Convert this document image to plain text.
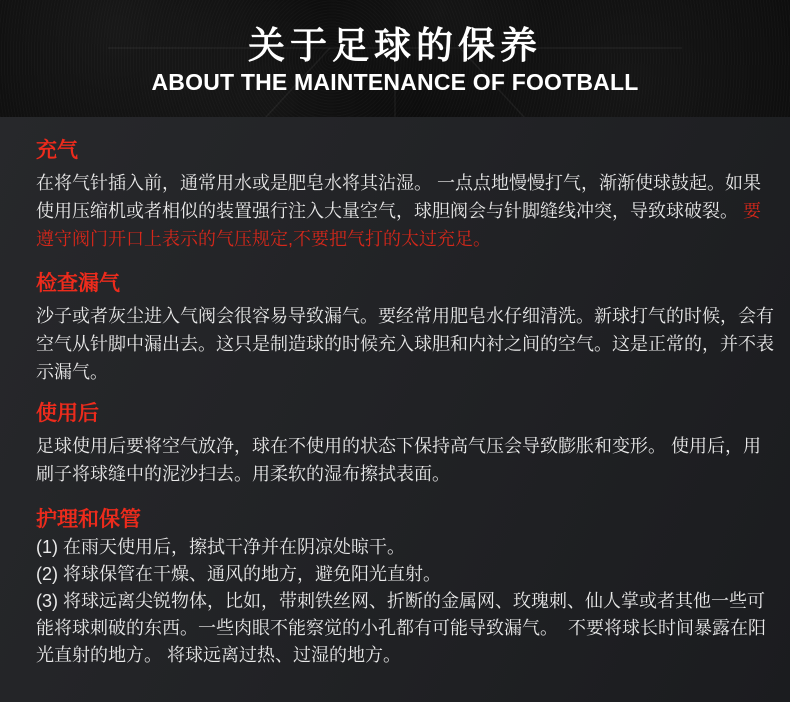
关于足球的保养
ABOUT THE MAINTENANCE OF FOOTBALL
充气

在将气针插入前，通常用水或是肥皂水将其沾湿。 一点点地慢慢打气，渐渐使球鼓起。如果使用压缩机或者相似的装置强行注入大量空气，球胆阀会与针脚缝线冲突，导致球破裂。 要遵守阀门开口上表示的气压规定,不要把气打的太过充足。

检查漏气

沙子或者灰尘进入气阀会很容易导致漏气。要经常用肥皂水仔细清洗。新球打气的时候，会有空气从针脚中漏出去。这只是制造球的时候充入球胆和内衬之间的空气。这是正常的，并不表示漏气。

使用后

足球使用后要将空气放净，球在不使用的状态下保持高气压会导致膨胀和变形。 使用后，用刷子将球缝中的泥沙扫去。用柔软的湿布擦拭表面。

护理和保管

(1) 在雨天使用后，擦拭干净并在阴凉处晾干。

(2) 将球保管在干燥、通风的地方，避免阳光直射。

(3) 将球远离尖锐物体，比如，带刺铁丝网、折断的金属网、玫瑰刺、仙人掌或者其他一些可能将球刺破的东西。一些肉眼不能察觉的小孔都有可能导致漏气。  不要将球长时间暴露在阳光直射的地方。 将球远离过热、过湿的地方。
